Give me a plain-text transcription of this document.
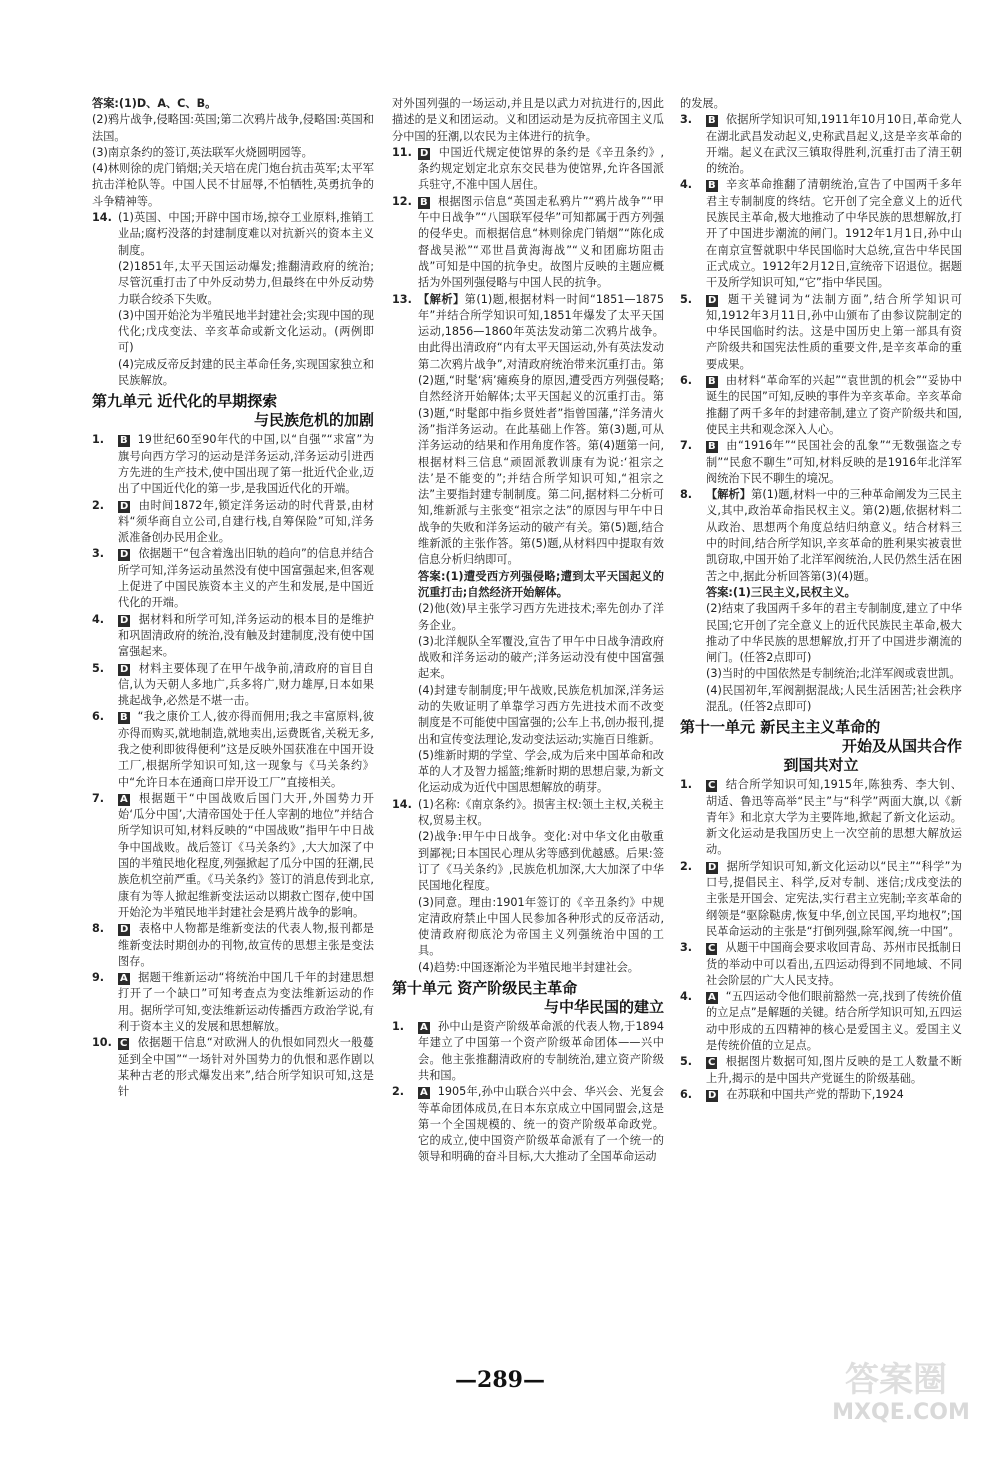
答案:(1)D、A、C、B。

(2)鸦片战争,侵略国:英国;第二次鸦片战争,侵略国:英国和法国。

(3)南京条约的签订,英法联军火烧圆明园等。

(4)林则徐的虎门销烟;关天培在虎门炮台抗击英军;太平军抗击洋枪队等。中国人民不甘屈辱,不怕牺牲,英勇抗争的斗争精神等。

14. (1)英国、中国;开辟中国市场,掠夺工业原料,推销工业品;腐朽没落的封建制度难以对抗新兴的资本主义制度。

(2)1851年,太平天国运动爆发;推翻清政府的统治;尽管沉重打击了中外反动势力,但最终在中外反动势力联合绞杀下失败。

(3)中国开始沦为半殖民地半封建社会;实现中国的现代化;戊戌变法、辛亥革命或新文化运动。(两例即可)

(4)完成反帝反封建的民主革命任务,实现国家独立和民族解放。

第九单元 近代化的早期探索
与民族危机的加剧
1. B 19世纪60至90年代的中国,以“自强”“求富”为旗号向西方学习的运动是洋务运动,洋务运动引进西方先进的生产技术,使中国出现了第一批近代企业,迈出了中国近代化的第一步,是我国近代化的开端。
2. D 由时间1872年,锁定洋务运动的时代背景,由材料“须华商自立公司,自建行栈,自筹保险”可知,洋务派准备创办民用企业。
3. D 依据题干“包含着逸出旧轨的趋向”的信息并结合所学可知,洋务运动虽然没有使中国富强起来,但客观上促进了中国民族资本主义的产生和发展,是中国近代化的开端。
4. D 据材料和所学可知,洋务运动的根本目的是维护和巩固清政府的统治,没有触及封建制度,没有使中国富强起来。
5. D 材料主要体现了在甲午战争前,清政府的盲目自信,认为天朝人多地广,兵多将广,财力雄厚,日本如果挑起战争,必然是不堪一击。
6. B “我之康价工人,彼亦得而佣用;我之丰富原料,彼亦得而购买,就地制造,就地卖出,运费既省,关税无多,我之使利即彼得便利”这是反映外国获准在中国开设工厂,根据所学知识可知,这一现象与《马关条约》中“允许日本在通商口岸开设工厂”直接相关。
7. A 根据题干“中国战败后国门大开,外国势力开始‘瓜分中国’,大清帝国处于任人宰割的地位”并结合所学知识可知,材料反映的“中国战败”指甲午中日战争中国战败。战后签订《马关条约》,大大加深了中国的半殖民地化程度,列强掀起了瓜分中国的狂潮,民族危机空前严重。《马关条约》签订的消息传到北京,康有为等人掀起维新变法运动以期救亡图存,使中国开始沦为半殖民地半封建社会是鸦片战争的影响。
8. D 表格中人物都是维新变法的代表人物,报刊都是维新变法时期创办的刊物,故宣传的思想主张是变法图存。
9. A 据题干维新运动“将统治中国几千年的封建思想打开了一个缺口”可知考查点为变法维新运动的作用。据所学可知,变法维新运动传播西方政治学说,有利于资本主义的发展和思想解放。
10. C 依据题干信息“对欧洲人的仇恨如同烈火一般蔓延到全中国”“一场针对外国势力的仇恨和恶作剧以某种古老的形式爆发出来”,结合所学知识可知,这是针

对外国列强的一场运动,并且是以武力对抗进行的,因此描述的是义和团运动。义和团运动是为反抗帝国主义瓜分中国的狂潮,以农民为主体进行的抗争。

11. D 中国近代规定使馆界的条约是《辛丑条约》,条约规定划定北京东交民巷为使馆界,允许各国派兵驻守,不准中国人居住。
12. B 根据图示信息“英国走私鸦片”“鸦片战争”“甲午中日战争”“八国联军侵华”可知都属于西方列强的侵华史。而根据信息“林则徐虎门销烟”“陈化成督战吴淞”“邓世昌黄海海战”“义和团廊坊阻击战”可知是中国的抗争史。故图片反映的主题应概括为外国列强侵略与中国人民的抗争。
13. 【解析】第(1)题,根据材料一时间“1851—1875年”并结合所学知识可知,1851年爆发了太平天国运动,1856—1860年英法发动第二次鸦片战争。由此得出清政府“内有太平天国运动,外有英法发动第二次鸦片战争”,对清政府统治带来沉重打击。第(2)题,“时髦‘病’瘫痪身的原因,遭受西方列强侵略;自然经济开始解体;太平天国起义的沉重打击。第(3)题,“时髦郎中指乡贤姓者”指曾国藩,“洋务清火汤”指洋务运动。在此基础上作答。第(3)题,可从洋务运动的结果和作用角度作答。第(4)题第一问,根据材料三信息“顽固派教训康有为说:‘祖宗之法’是不能变的”;并结合所学知识可知,“祖宗之法”主要指封建专制制度。第二问,据材料二分析可知,维新派与主张变“祖宗之法”的原因与甲午中日战争的失败和洋务运动的破产有关。第(5)题,结合维新派的主张作答。第(5)题,从材料四中提取有效信息分析归纳即可。

答案:(1)遭受西方列强侵略;遭到太平天国起义的沉重打击;自然经济开始解体。

(2)他(效)早主张学习西方先进技术;率先创办了洋务企业。

(3)北洋舰队全军覆没,宣告了甲午中日战争清政府战败和洋务运动的破产;洋务运动没有使中国富强起来。

(4)封建专制制度;甲午战败,民族危机加深,洋务运动的失败证明了单靠学习西方先进技术而不改变制度是不可能使中国富强的;公车上书,创办报刊,提出和宣传变法理论,发动变法运动;实施百日维新。

(5)维新时期的学堂、学会,成为后来中国革命和改革的人才及智力摇篮;维新时期的思想启蒙,为新文化运动成为近代中国思想解放的萌芽。

14. (1)名称:《南京条约》。损害主权:领土主权,关税主权,贸易主权。

(2)战争:甲午中日战争。变化:对中华文化由敬重到鄙视;日本国民心理从劣等感到优越感。后果:签订了《马关条约》,民族危机加深,大大加深了中华民国地化程度。

(3)同意。理由:1901年签订的《辛丑条约》中规定清政府禁止中国人民参加各种形式的反帝活动,使清政府彻底沦为帝国主义列强统治中国的工具。

(4)趋势:中国逐渐沦为半殖民地半封建社会。

第十单元 资产阶级民主革命
与中华民国的建立
1. A 孙中山是资产阶级革命派的代表人物,于1894年建立了中国第一个资产阶级革命团体——兴中会。他主张推翻清政府的专制统治,建立资产阶级共和国。
2. A 1905年,孙中山联合兴中会、华兴会、光复会等革命团体成员,在日本东京成立中国同盟会,这是第一个全国规模的、统一的资产阶级革命政党。它的成立,使中国资产阶级革命派有了一个统一的领导和明确的奋斗目标,大大推动了全国革命运动

的发展。

3. B 依据所学知识可知,1911年10月10日,革命党人在湖北武昌发动起义,史称武昌起义,这是辛亥革命的开端。起义在武汉三镇取得胜利,沉重打击了清王朝的统治。
4. B 辛亥革命推翻了清朝统治,宣告了中国两千多年君主专制制度的终结。它开创了完全意义上的近代民族民主革命,极大地推动了中华民族的思想解放,打开了中国进步潮流的闸门。1912年1月1日,孙中山在南京宣誓就职中华民国临时大总统,宣告中华民国正式成立。1912年2月12日,宣统帝下诏退位。据题干及所学知识可知,“它”指中华民国。
5. D 题干关键词为“法制方面”,结合所学知识可知,1912年3月11日,孙中山颁布了由参议院制定的中华民国临时约法。这是中国历史上第一部具有资产阶级共和国宪法性质的重要文件,是辛亥革命的重要成果。
6. B 由材料“革命军的兴起”“袁世凯的机会”“妥协中诞生的民国”可知,反映的事件为辛亥革命。辛亥革命推翻了两千多年的封建帝制,建立了资产阶级共和国,使民主共和观念深入人心。
7. B 由“1916年”“民国社会的乱象”“无数强盗之专制”“民愈不聊生”可知,材料反映的是1916年北洋军阀统治下民不聊生的境况。
8. 【解析】第(1)题,材料一中的三种革命阐发为三民主义,其中,政治革命指民权主义。第(2)题,依据材料二从政治、思想两个角度总结归纳意义。结合材料三中的时间,结合所学知识,辛亥革命的胜利果实被袁世凯窃取,中国开始了北洋军阀统治,人民仍然生活在困苦之中,据此分析回答第(3)(4)题。

答案:(1)三民主义,民权主义。

(2)结束了我国两千多年的君主专制制度,建立了中华民国;它开创了完全意义上的近代民族民主革命,极大推动了中华民族的思想解放,打开了中国进步潮流的闸门。(任答2点即可)

(3)当时的中国依然是专制统治;北洋军阀或袁世凯。

(4)民国初年,军阀割据混战;人民生活困苦;社会秩序混乱。(任答2点即可)

第十一单元 新民主主义革命的
开始及从国共合作
到国共对立
1. C 结合所学知识可知,1915年,陈独秀、李大钊、胡适、鲁迅等高举“民主”与“科学”两面大旗,以《新青年》和北京大学为主要阵地,掀起了新文化运动。新文化运动是我国历史上一次空前的思想大解放运动。
2. D 据所学知识可知,新文化运动以“民主”“科学”为口号,提倡民主、科学,反对专制、迷信;戊戌变法的主张是开国会、定宪法,实行君主立宪制;辛亥革命的纲领是“驱除鞑虏,恢复中华,创立民国,平均地权”;国民革命运动的主张是“打倒列强,除军阀,统一中国”。
3. C 从题干中国商会要求收回青岛、苏州市民抵制日货的举动中可以看出,五四运动得到不同地域、不同社会阶层的广大人民支持。
4. A “五四运动令他们眼前豁然一亮,找到了传统价值的立足点”是解题的关键。结合所学知识可知,五四运动中形成的五四精神的核心是爱国主义。爱国主义是传统价值的立足点。
5. C 根据图片数据可知,图片反映的是工人数量不断上升,揭示的是中国共产党诞生的阶级基础。
6. D 在苏联和中国共产党的帮助下,1924
—289—	答案圈
MXQE.COM
